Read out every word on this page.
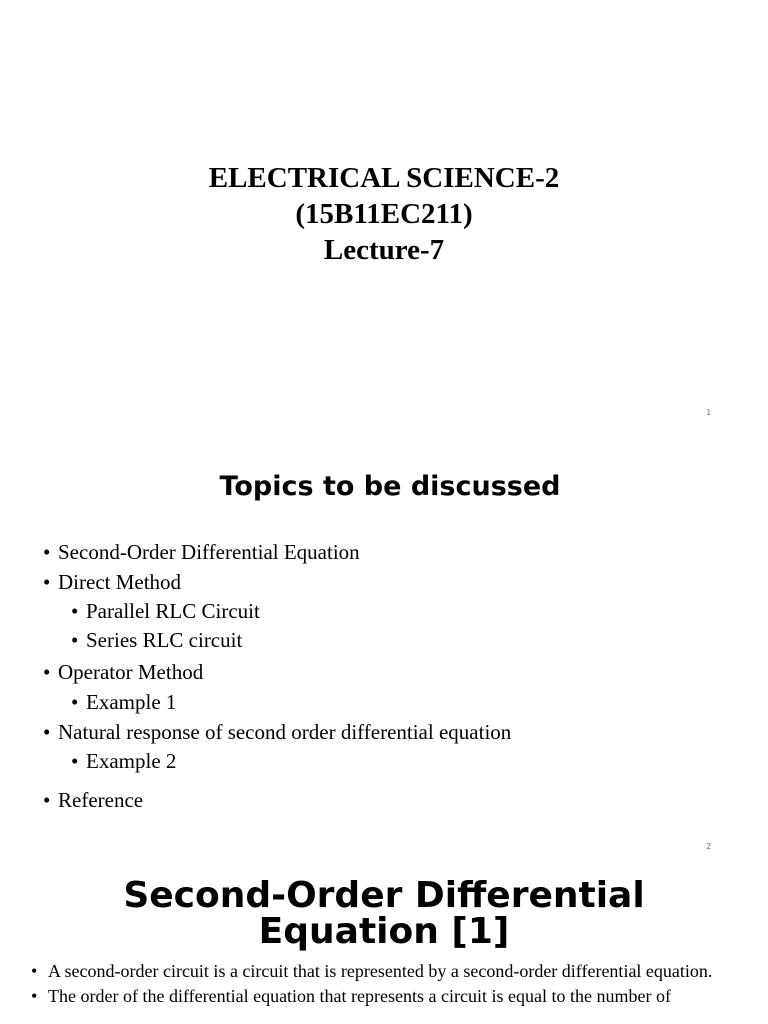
ELECTRICAL SCIENCE-2
(15B11EC211)
Lecture-7
1
Topics to be discussed
• Second-Order Differential Equation
• Direct Method
• Parallel RLC Circuit
• Series RLC circuit
• Operator Method
• Example 1
• Natural response of second order differential equation
• Example 2
• Reference
2
Second-Order Differential
Equation [1]
• A second-order circuit is a circuit that is represented by a second-order differential equation.
• The order of the differential equation that represents a circuit is equal to the number of
